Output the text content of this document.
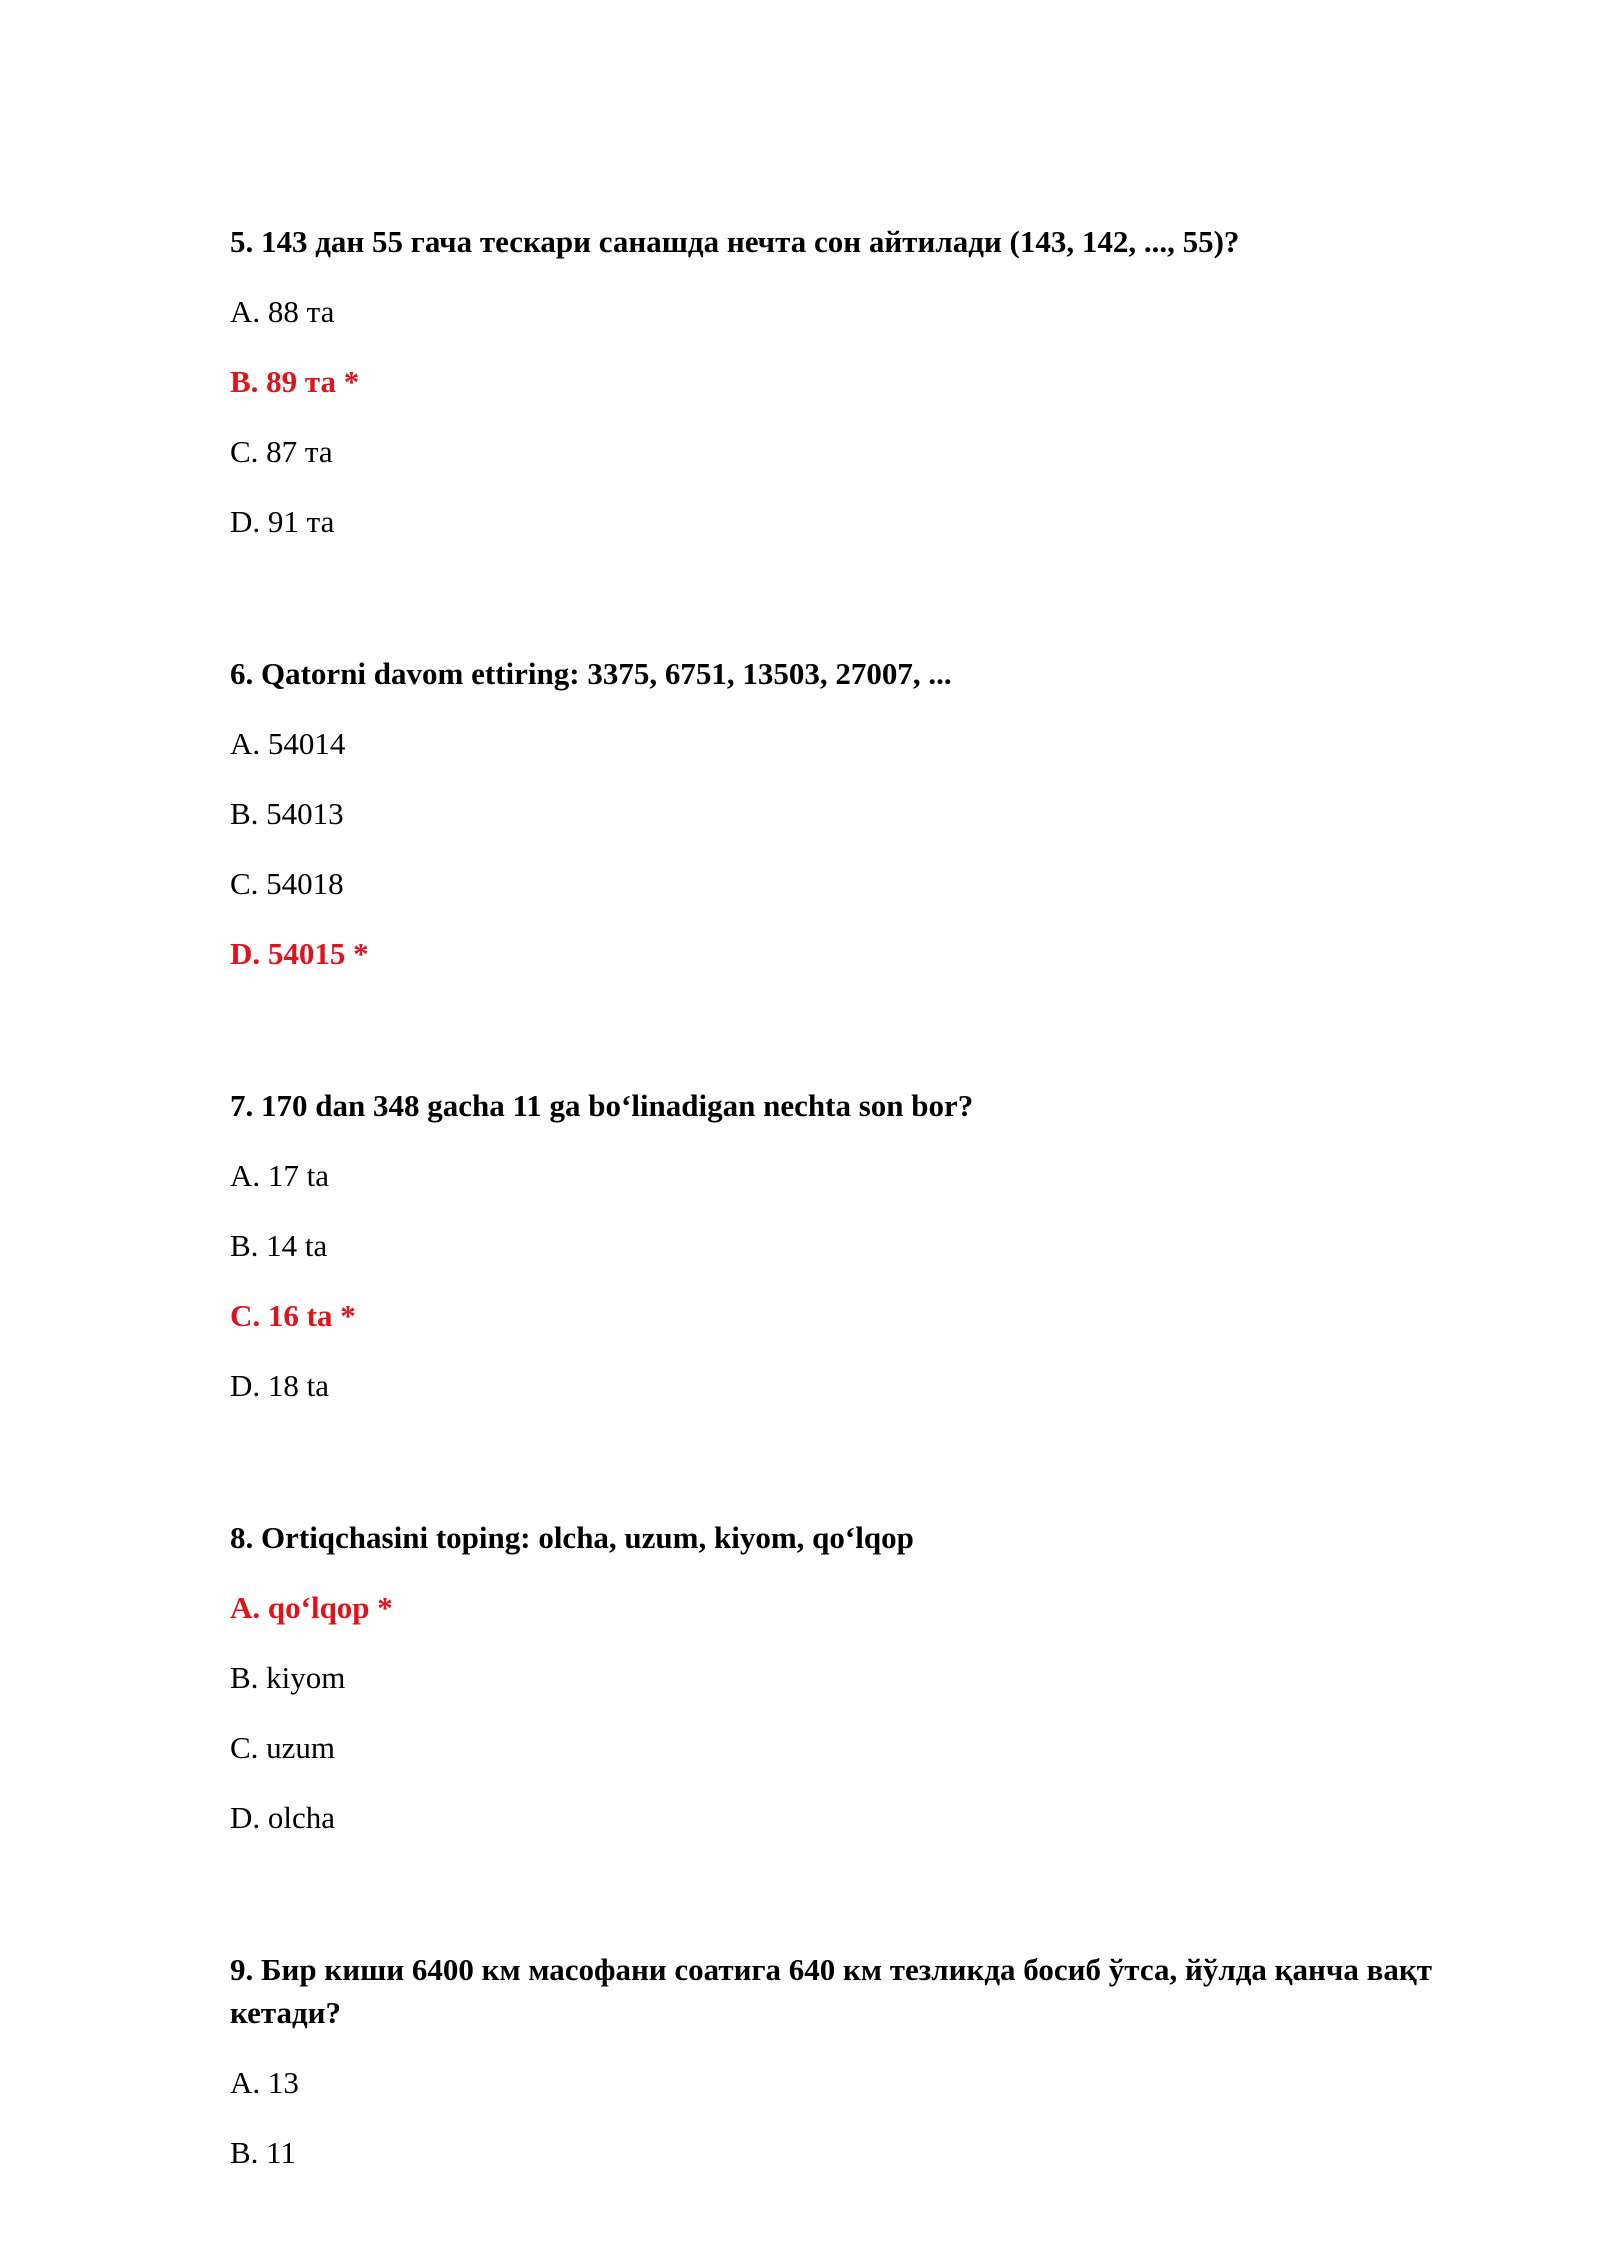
5. 143 дан 55 гача тескари санашда нечта сон айтилади (143, 142, ..., 55)?

A. 88 та
B. 89 та *
C. 87 та
D. 91 та

6. Qatorni davom ettiring: 3375, 6751, 13503, 27007, ...

A. 54014
B. 54013
C. 54018
D. 54015 *

7. 170 dan 348 gacha 11 ga bo‘linadigan nechta son bor?

A. 17 ta
B. 14 ta
C. 16 ta *
D. 18 ta

8. Ortiqchasini toping: olcha, uzum, kiyom, qo‘lqop

A. qo‘lqop *
B. kiyom
C. uzum
D. olcha

9. Бир киши 6400 км масофани соатига 640 км тезликда босиб ўтса, йўлда қанча вақт кетади?

A. 13
B. 11
